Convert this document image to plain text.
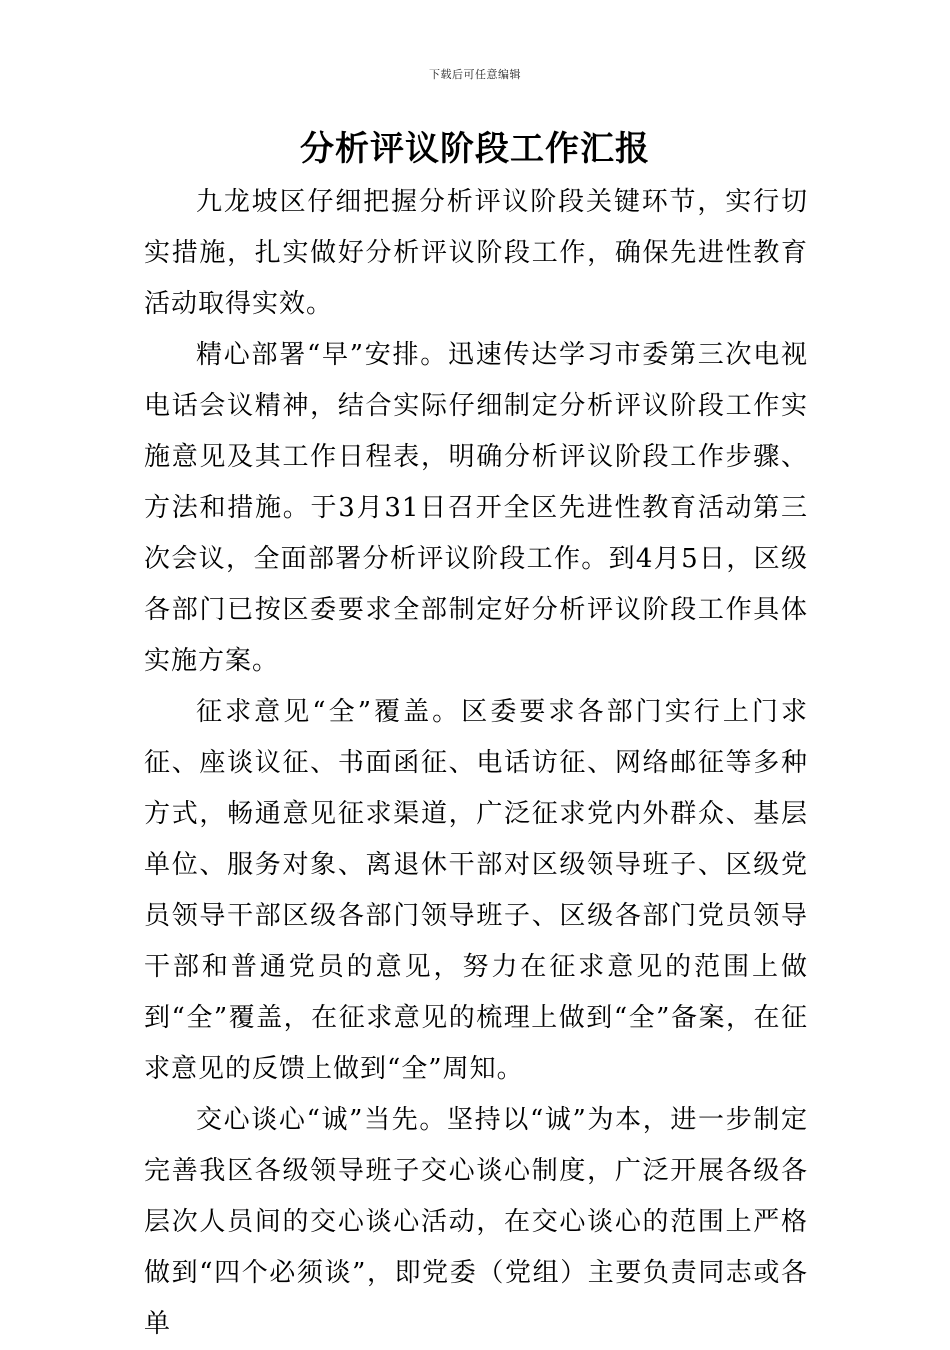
下载后可任意编辑
分析评议阶段工作汇报

九龙坡区仔细把握分析评议阶段关键环节，实行切实措施，扎实做好分析评议阶段工作，确保先进性教育活动取得实效。

精心部署“早”安排。迅速传达学习市委第三次电视电话会议精神，结合实际仔细制定分析评议阶段工作实施意见及其工作日程表，明确分析评议阶段工作步骤、方法和措施。于3月31日召开全区先进性教育活动第三次会议，全面部署分析评议阶段工作。到4月5日，区级各部门已按区委要求全部制定好分析评议阶段工作具体实施方案。

征求意见“全”覆盖。区委要求各部门实行上门求征、座谈议征、书面函征、电话访征、网络邮征等多种方式，畅通意见征求渠道，广泛征求党内外群众、基层单位、服务对象、离退休干部对区级领导班子、区级党员领导干部区级各部门领导班子、区级各部门党员领导干部和普通党员的意见，努力在征求意见的范围上做到“全”覆盖，在征求意见的梳理上做到“全”备案，在征求意见的反馈上做到“全”周知。

交心谈心“诚”当先。坚持以“诚”为本，进一步制定完善我区各级领导班子交心谈心制度，广泛开展各级各层次人员间的交心谈心活动，在交心谈心的范围上严格做到“四个必须谈”，即党委（党组）主要负责同志或各单
